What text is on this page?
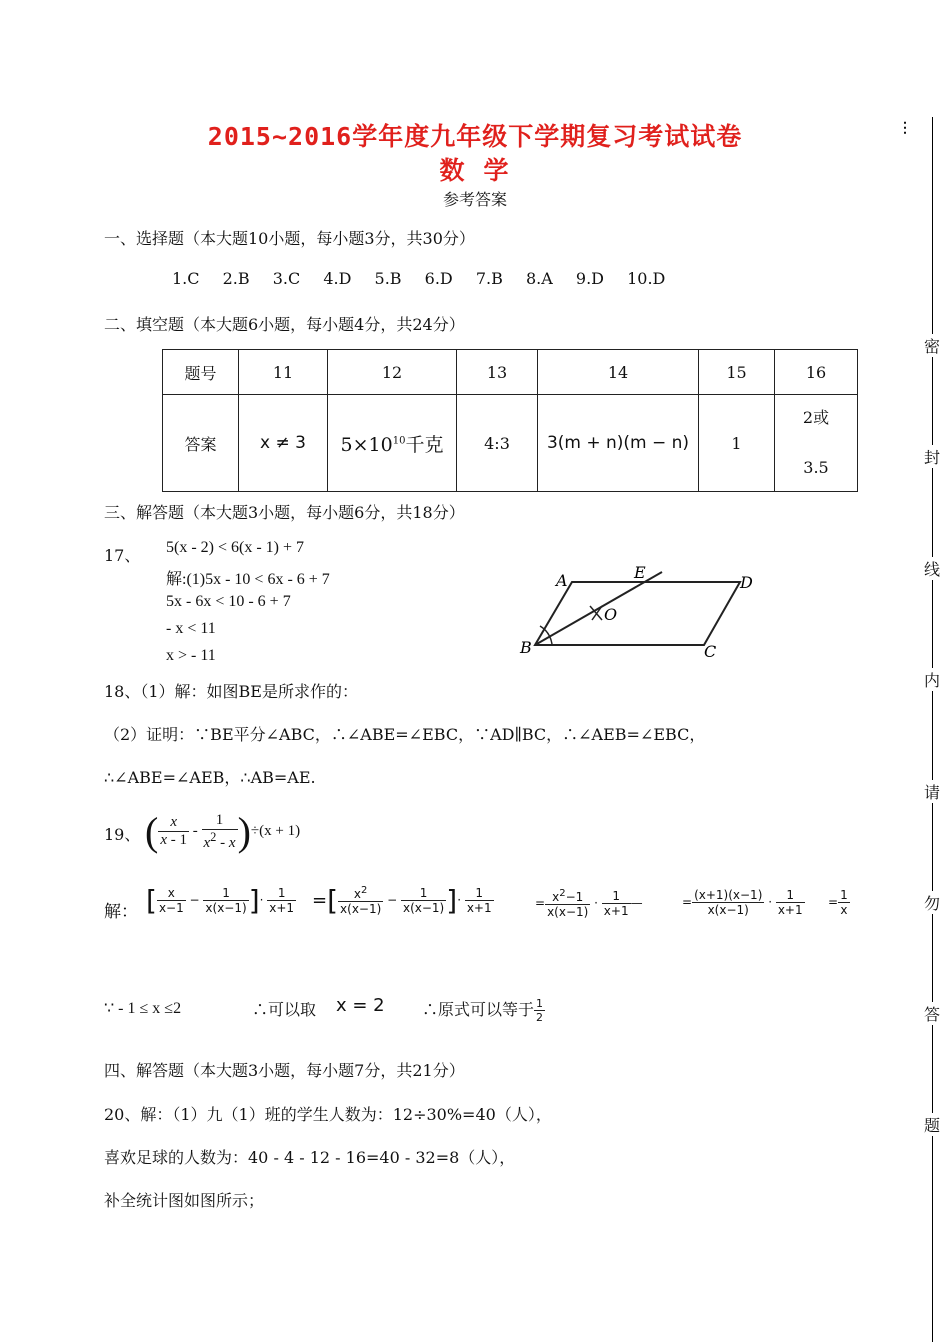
2015~2016学年度九年级下学期复习考试试卷
数 学
参考答案
一、选择题（本大题10小题，每小题3分，共30分）
1.C 2.B 3.C 4.D 5.B 6.D 7.B 8.A 9.D 10.D
二、填空题（本大题6小题，每小题4分，共24分）
题号	11	12	13	14	15	16
答案	x ≠ 3	$5\times 10^{10}$千克	4:3	3(m + n)(m − n)	1	2或
3.5
三、解答题（本大题3小题，每小题6分，共18分）
17、 5(x - 2) < 6(x - 1) + 7
解:(1)5x - 10 < 6x - 6 + 7
5x - 6x < 10 - 6 + 7
- x < 11
x > - 11
A	E
D
O
B	C
18、（1）解：如图BE是所求作的：
（2）证明：∵BE平分∠ABC，∴∠ABE=∠EBC，∵AD∥BC，∴∠AEB=∠EBC，
∴∠ABE=∠AEB，∴AB=AE.
19、 ( $\frac{x}{x - 1} - \frac{1}{x^2 - x} )\div(x + 1)$
解： [ $\frac{x}{x-1} - \frac{1}{x(x-1)}$ ]· $\frac{1}{x+1}$ =[ $\frac{x^2}{x(x-1)} - \frac{1}{x(x-1)}$ ]· $\frac{1}{x+1}$	= $\frac{x^2-1}{x(x-1)} \cdot \frac{1}{x+1}$ —	= $\frac{(x+1)(x-1)}{x(x-1)} \cdot \frac{1}{x+1} = \frac{1}{x}$
∵ - 1 ≤ x ≤2	∴可以取 x = 2 ∴原式可以等于 $\frac{1}{2}$
四、解答题（本大题3小题，每小题7分，共21分）
20、解：（1）九（1）班的学生人数为：12÷30%=40（人），
喜欢足球的人数为：40 - 4 - 12 - 16=40 - 32=8（人），
补全统计图如图所示；
⋮
密
封
线
内
请
勿
答
题
